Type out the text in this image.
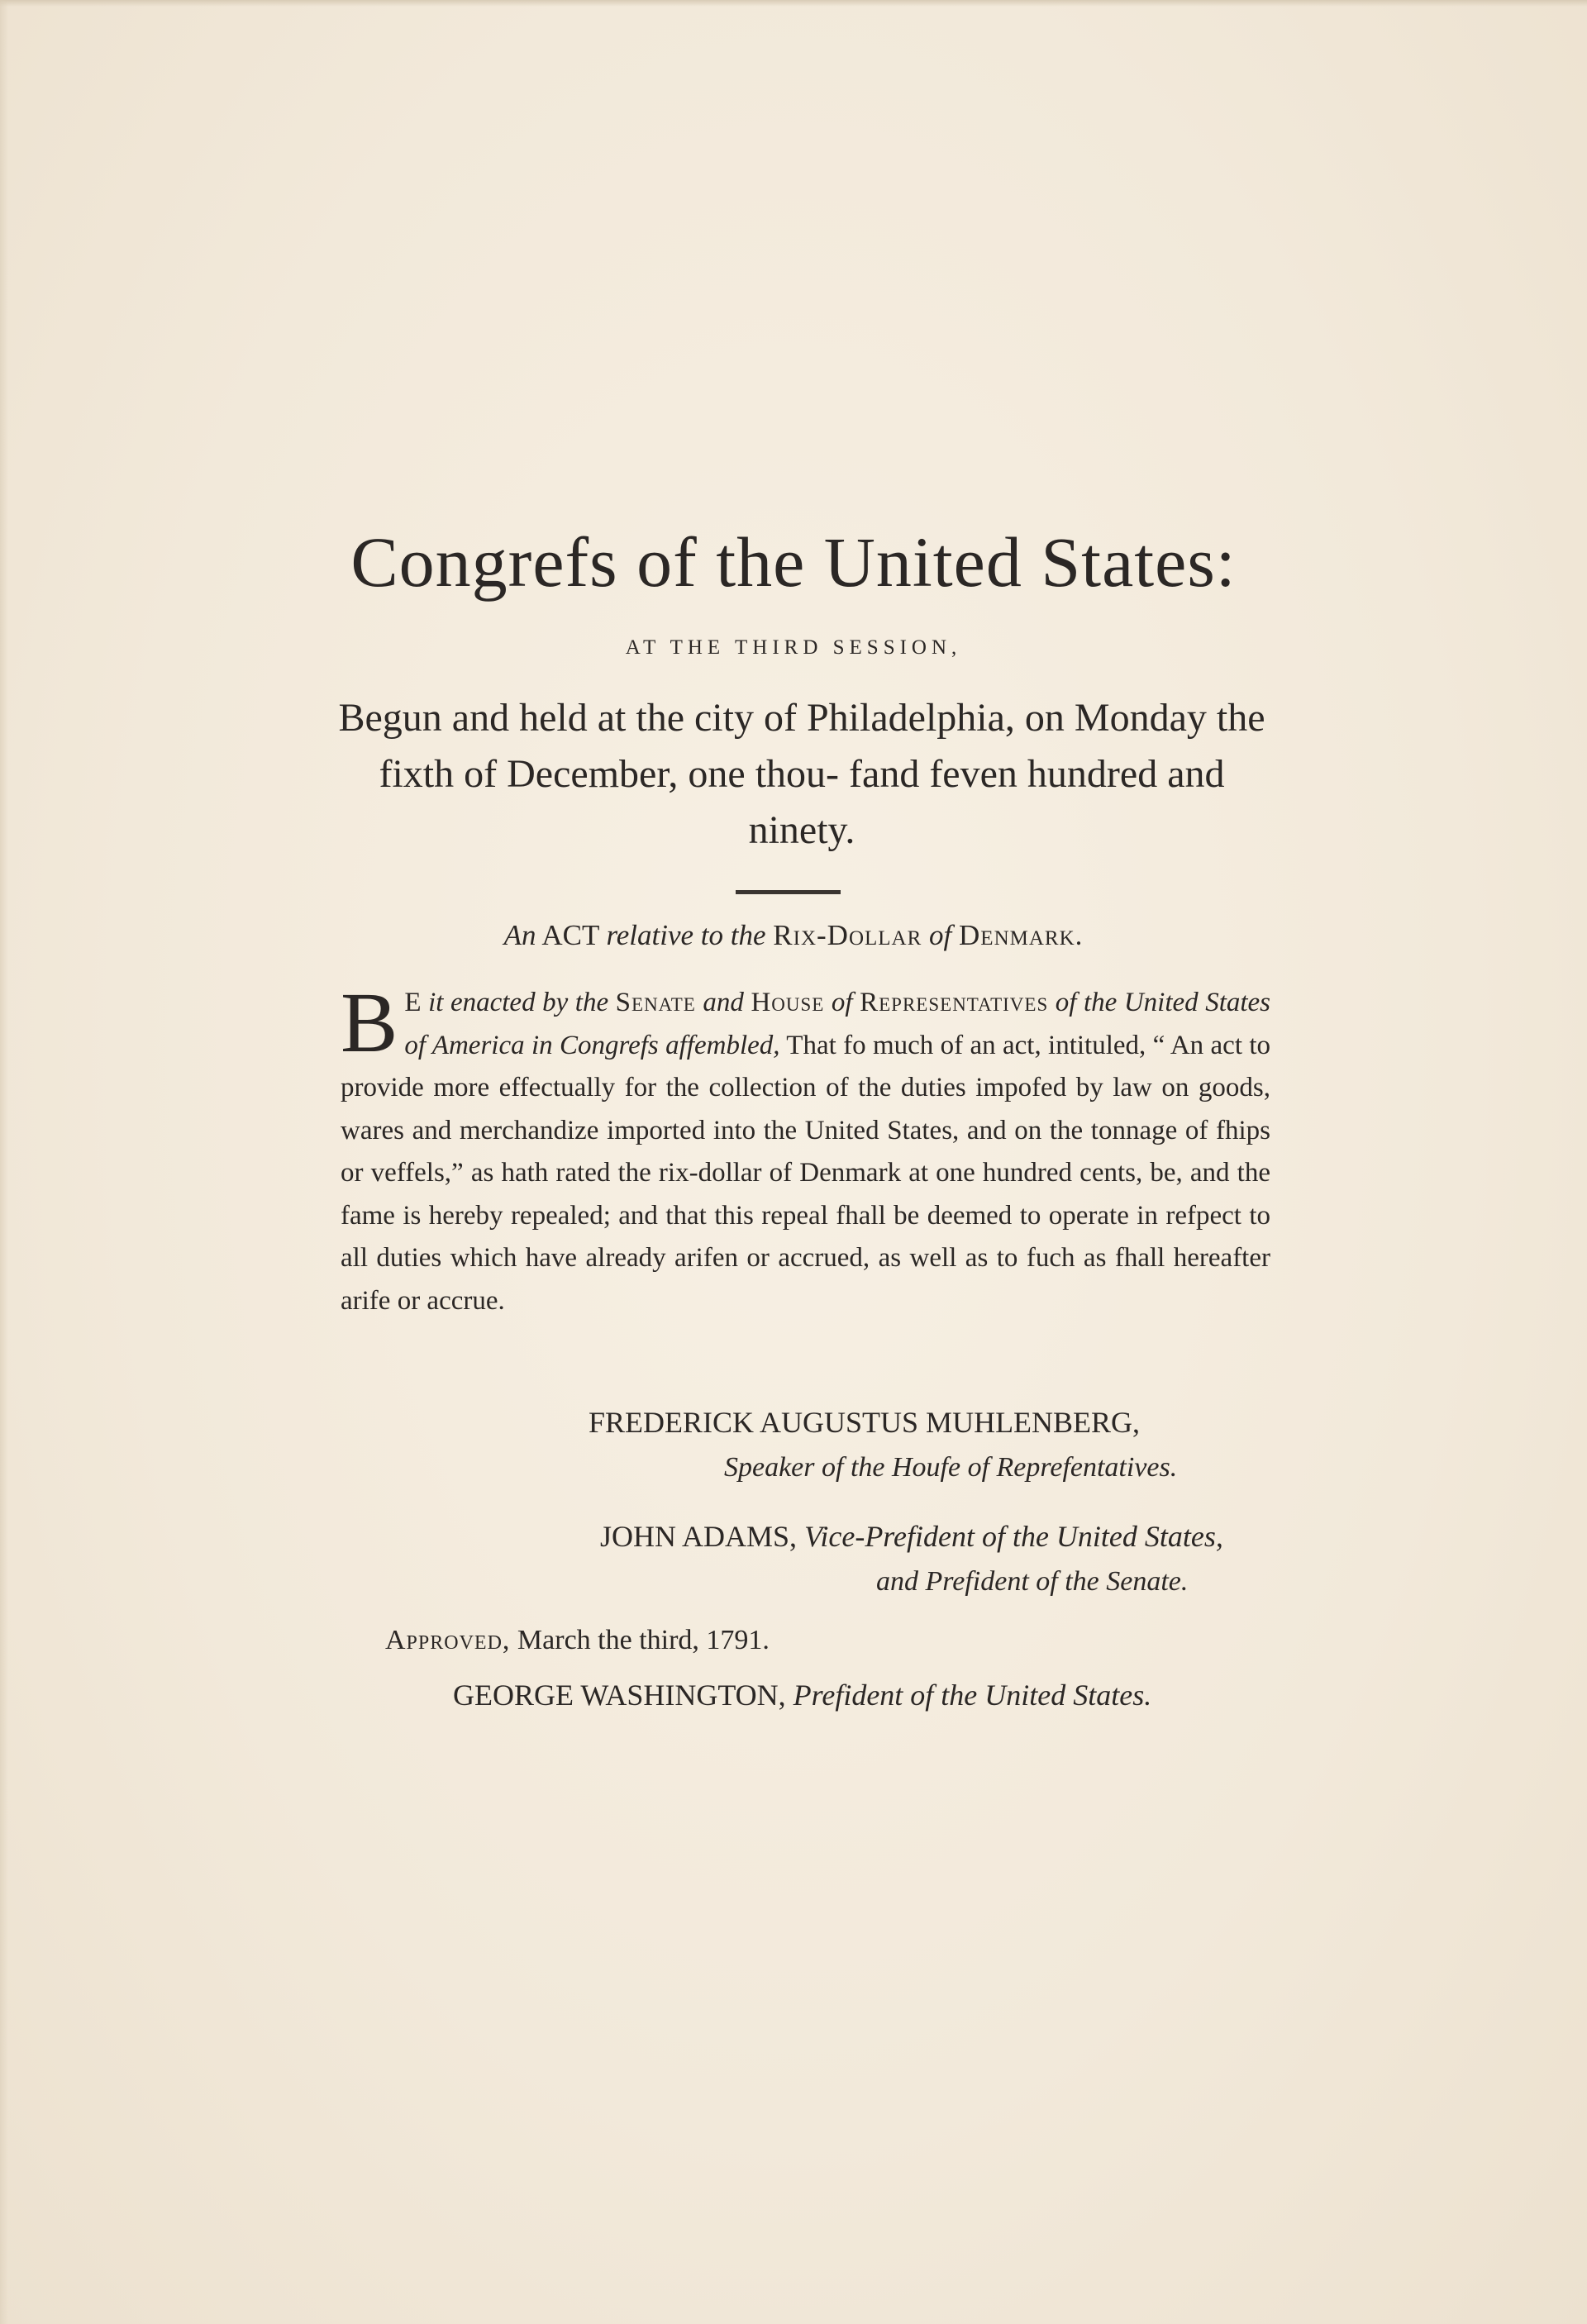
Congrefs of the United States:
AT THE THIRD SESSION,
Begun and held at the city of Philadelphia, on Monday the fixth of December, one thou- fand feven hundred and ninety.
An ACT relative to the Rix-Dollar of Denmark.
B E it enacted by the Senate and House of Representatives of the United States of America in Congrefs affembled, That fo much of an act, intituled, “ An act to provide more effectually for the collection of the duties impofed by law on goods, wares and merchandize imported into the United States, and on the tonnage of fhips or veffels,” as hath rated the rix-dollar of Denmark at one hundred cents, be, and the fame is hereby repealed; and that this repeal fhall be deemed to operate in refpect to all duties which have already arifen or accrued, as well as to fuch as fhall hereafter arife or accrue.
FREDERICK AUGUSTUS MUHLENBERG,
Speaker of the Houfe of Reprefentatives.
JOHN ADAMS, Vice-Prefident of the United States,
and Prefident of the Senate.
Approved, March the third, 1791.
GEORGE WASHINGTON, Prefident of the United States.
